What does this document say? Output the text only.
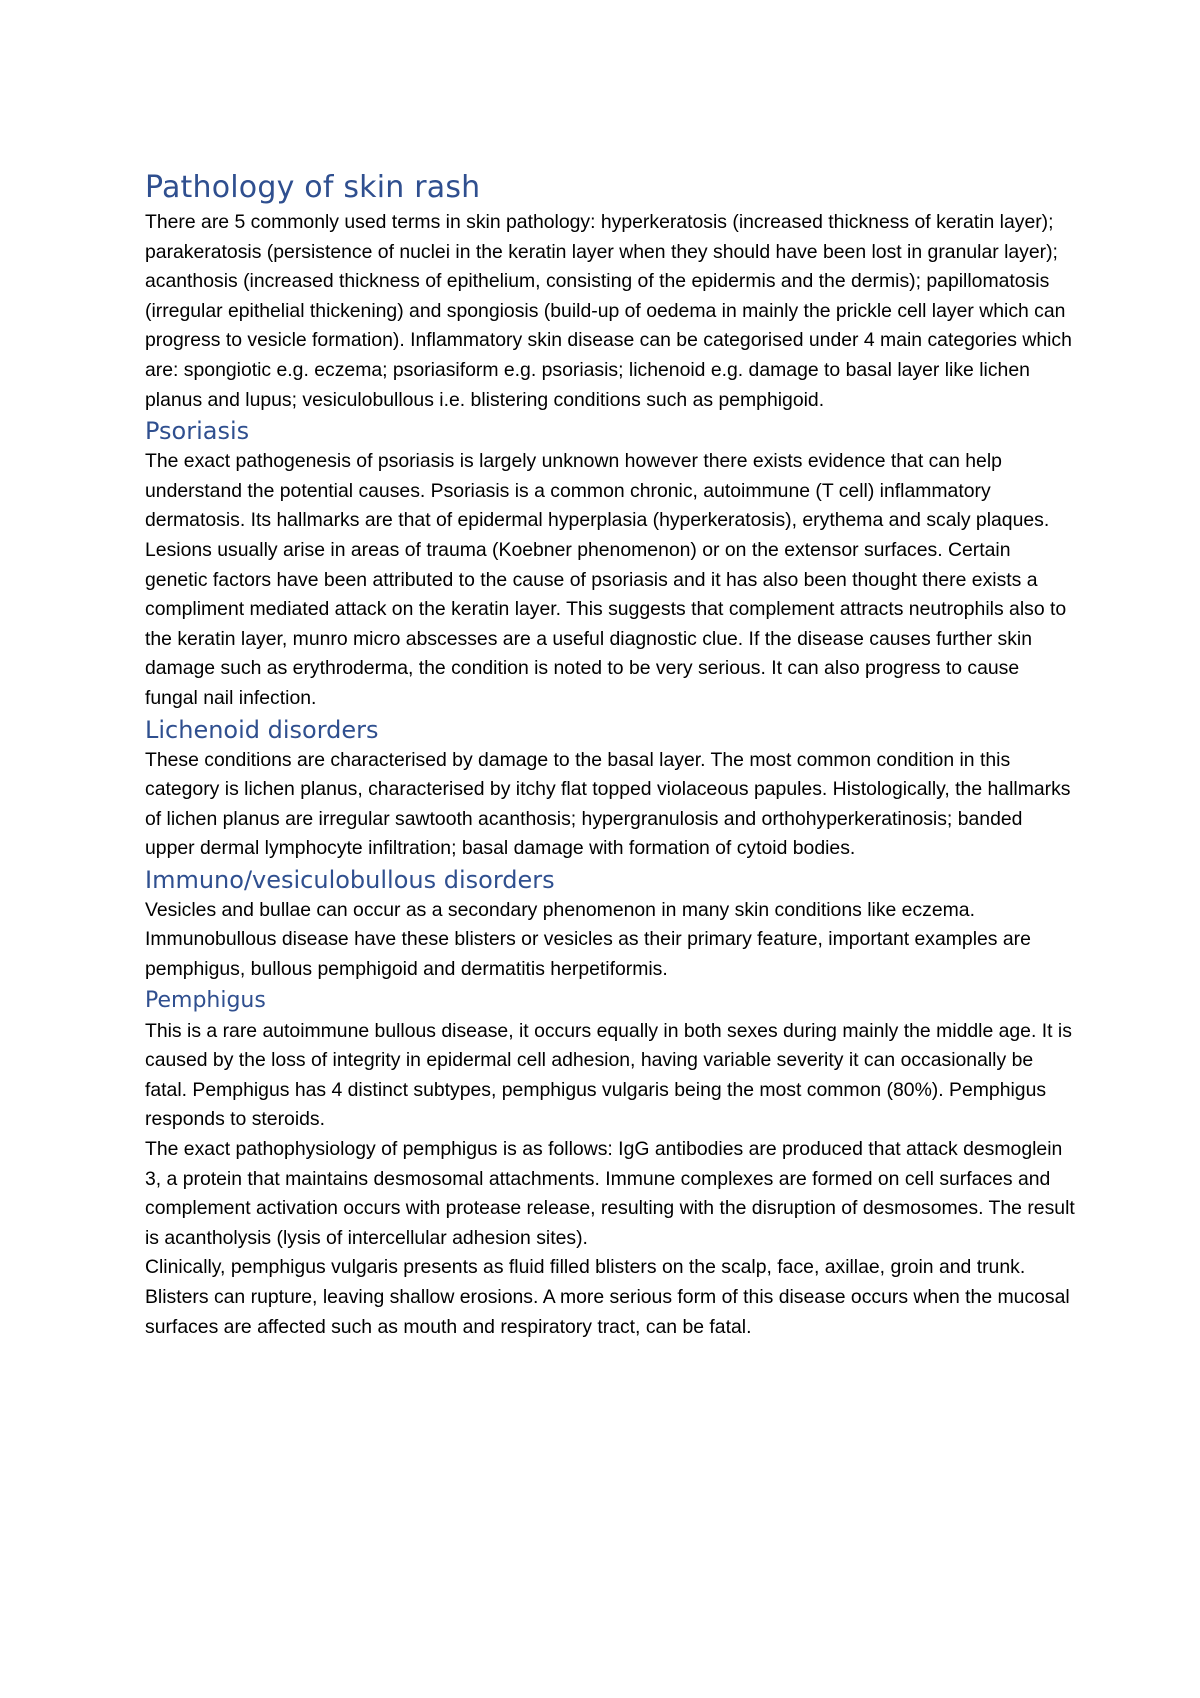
Pathology of skin rash

There are 5 commonly used terms in skin pathology: hyperkeratosis (increased thickness of keratin layer); parakeratosis (persistence of nuclei in the keratin layer when they should have been lost in granular layer); acanthosis (increased thickness of epithelium, consisting of the epidermis and the dermis); papillomatosis (irregular epithelial thickening) and spongiosis (build-up of oedema in mainly the prickle cell layer which can progress to vesicle formation). Inflammatory skin disease can be categorised under 4 main categories which are: spongiotic e.g. eczema; psoriasiform e.g. psoriasis; lichenoid e.g. damage to basal layer like lichen planus and lupus; vesiculobullous i.e. blistering conditions such as pemphigoid.

Psoriasis

The exact pathogenesis of psoriasis is largely unknown however there exists evidence that can help understand the potential causes. Psoriasis is a common chronic, autoimmune (T cell) inflammatory dermatosis. Its hallmarks are that of epidermal hyperplasia (hyperkeratosis), erythema and scaly plaques. Lesions usually arise in areas of trauma (Koebner phenomenon) or on the extensor surfaces. Certain genetic factors have been attributed to the cause of psoriasis and it has also been thought there exists a compliment mediated attack on the keratin layer. This suggests that complement attracts neutrophils also to the keratin layer, munro micro abscesses are a useful diagnostic clue. If the disease causes further skin damage such as erythroderma, the condition is noted to be very serious. It can also progress to cause fungal nail infection.

Lichenoid disorders

These conditions are characterised by damage to the basal layer. The most common condition in this category is lichen planus, characterised by itchy flat topped violaceous papules. Histologically, the hallmarks of lichen planus are irregular sawtooth acanthosis; hypergranulosis and orthohyperkeratinosis; banded upper dermal lymphocyte infiltration; basal damage with formation of cytoid bodies.

Immuno/vesiculobullous disorders

Vesicles and bullae can occur as a secondary phenomenon in many skin conditions like eczema. Immunobullous disease have these blisters or vesicles as their primary feature, important examples are pemphigus, bullous pemphigoid and dermatitis herpetiformis.

Pemphigus

This is a rare autoimmune bullous disease, it occurs equally in both sexes during mainly the middle age. It is caused by the loss of integrity in epidermal cell adhesion, having variable severity it can occasionally be fatal. Pemphigus has 4 distinct subtypes, pemphigus vulgaris being the most common (80%). Pemphigus responds to steroids.

The exact pathophysiology of pemphigus is as follows: IgG antibodies are produced that attack desmoglein 3, a protein that maintains desmosomal attachments. Immune complexes are formed on cell surfaces and complement activation occurs with protease release, resulting with the disruption of desmosomes. The result is acantholysis (lysis of intercellular adhesion sites).

Clinically, pemphigus vulgaris presents as fluid filled blisters on the scalp, face, axillae, groin and trunk. Blisters can rupture, leaving shallow erosions. A more serious form of this disease occurs when the mucosal surfaces are affected such as mouth and respiratory tract, can be fatal.
